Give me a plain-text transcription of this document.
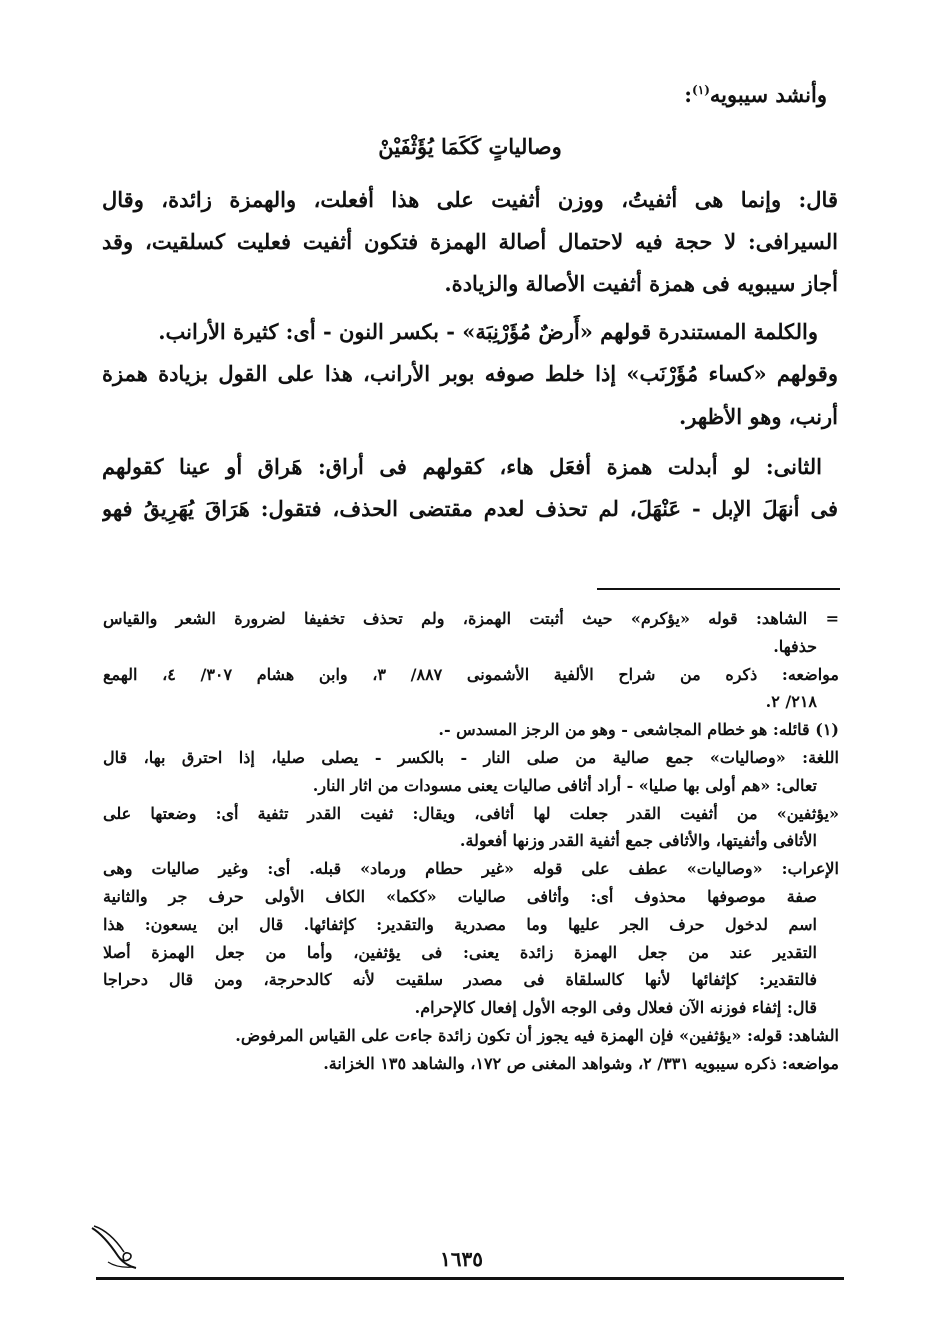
وأنشد سيبويه$^{(١)}$:
وصالياتٍ كَكَمَا يُؤَثْفَيْنْ
قال: وإنما هى أثفيتُ، ووزن أثفيت على هذا أفعلت، والهمزة زائدة، وقال
السيرافى: لا حجة فيه لاحتمال أصالة الهمزة فتكون أثفيت فعليت كسلقيت، وقد
أجاز سيبويه فى همزة أثفيت الأصالة والزيادة.
والكلمة المستندرة قولهم «أَرضٌ مُؤَرْنِبَة» - بكسر النون - أى: كثيرة الأرانب.
وقولهم «كساء مُؤَرْنَب» إذا خلط صوفه بوبر الأرانب، هذا على القول بزيادة همزة
أرنب، وهو الأظهر.
الثانى: لو أبدلت همزة أفعَل هاء، كقولهم فى أراق: هَراق أو عينا كقولهم
فى أنهَلَ الإبل - عَنْهَلَ، لم تحذف لعدم مقتضى الحذف، فتقول: هَرَاقَ يُهَرِيقُ فهو
= الشاهد: قوله «يؤكرم» حيث أثبتت الهمزة، ولم تحذف تخفيفا لضرورة الشعر والقياس
حذفها.
مواضعه: ذكره من شراح الألفية الأشمونى ٨٨٧/ ٣، وابن هشام ٣٠٧/ ٤، الهمع
٢١٨/ ٢.
(١) قائله: هو خطام المجاشعى - وهو من الرجز المسدس -.
اللغة: «وصاليات» جمع صالية من صلى النار - بالكسر - يصلى صليا، إذا احترق بها، قال
تعالى: «هم أولى بها صليا» - أراد أثافى صاليات يعنى مسودات من اثار النار.
«يؤثفين» من أثفيت القدر جعلت لها أثافى، ويقال: ثفيت القدر تثفية أى: وضعتها على
الأثافى وأثفيتها، والأثافى جمع أثفية القدر وزنها أفعولة.
الإعراب: «وصاليات» عطف على قوله «غير حطام ورماد» قبله. أى: وغير صاليات وهى
صفة موصوفها محذوف أى: وأثافى صاليات «ككما» الكاف الأولى حرف جر والثانية
اسم لدخول حرف الجر عليها وما مصدرية والتقدير: كإثفائها. قال ابن يسعون: هذا
التقدير عند من جعل الهمزة زائدة يعنى: فى يؤثفين، وأما من جعل الهمزة أصلا
فالتقدير: كإثفائها لأنها كالسلقاة فى مصدر سلقيت لأنه كالدحرجة، ومن قال دحراجا
قال: إثفاء فوزنه الآن فعلال وفى الوجه الأول إفعال كالإحرام.
الشاهد: قوله: «يؤثفين» فإن الهمزة فيه يجوز أن تكون زائدة جاءت على القياس المرفوض.
مواضعه: ذكره سيبويه ٣٣١/ ٢، وشواهد المغنى ص ١٧٢، والشاهد ١٣٥ الخزانة.
١٦٣٥
